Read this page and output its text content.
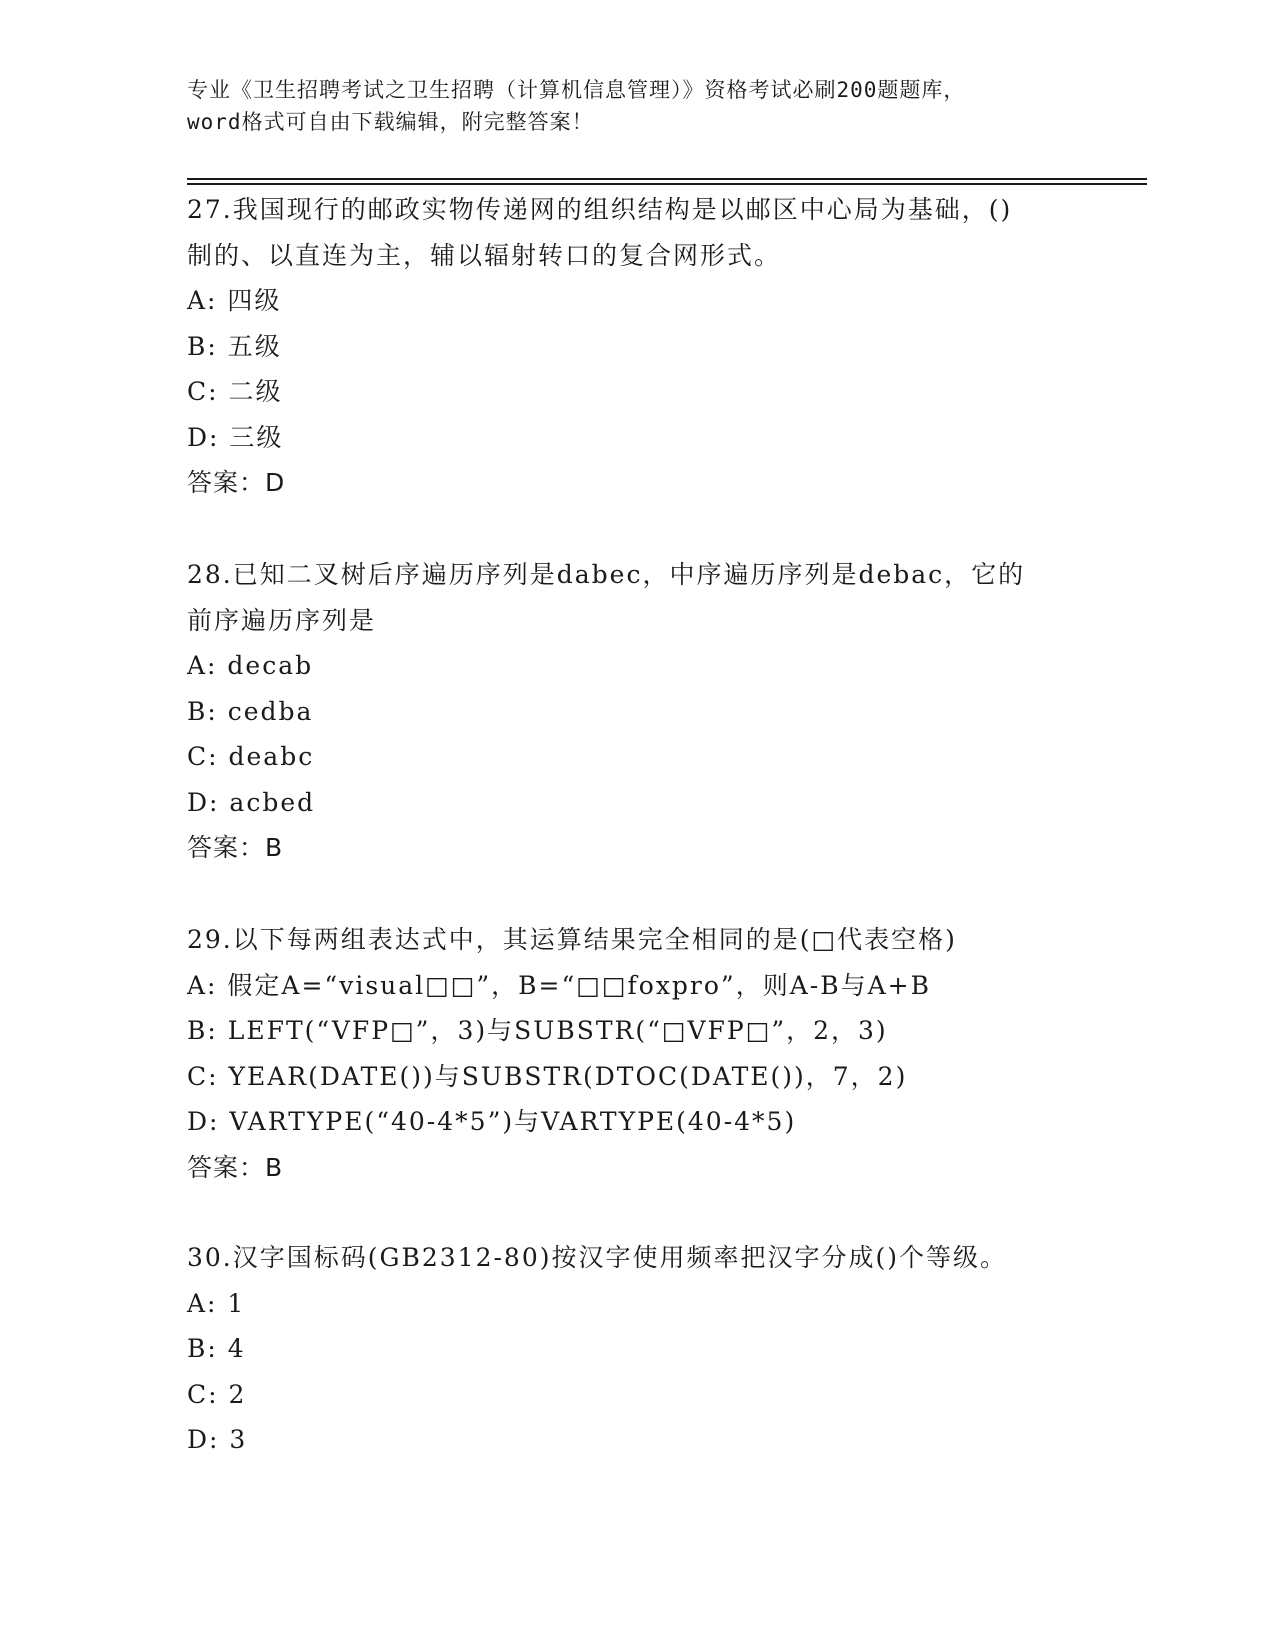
专业《卫生招聘考试之卫生招聘（计算机信息管理）》资格考试必刷200题题库，

word格式可自由下载编辑，附完整答案！

27.我国现行的邮政实物传递网的组织结构是以邮区中心局为基础，()
制的、以直连为主，辅以辐射转口的复合网形式。
A: 四级
B: 五级
C: 二级
D: 三级
答案：D
28.已知二叉树后序遍历序列是dabec，中序遍历序列是debac，它的
前序遍历序列是
A: decab
B: cedba
C: deabc
D: acbed
答案：B
29.以下每两组表达式中，其运算结果完全相同的是(□代表空格)
A: 假定A=“visual□□”，B=“□□foxpro”，则A-B与A+B
B: LEFT(“VFP□”，3)与SUBSTR(“□VFP□”，2，3)
C: YEAR(DATE())与SUBSTR(DTOC(DATE())，7，2)
D: VARTYPE(“40-4*5”)与VARTYPE(40-4*5)
答案：B
30.汉字国标码(GB2312-80)按汉字使用频率把汉字分成()个等级。
A: 1
B: 4
C: 2
D: 3
